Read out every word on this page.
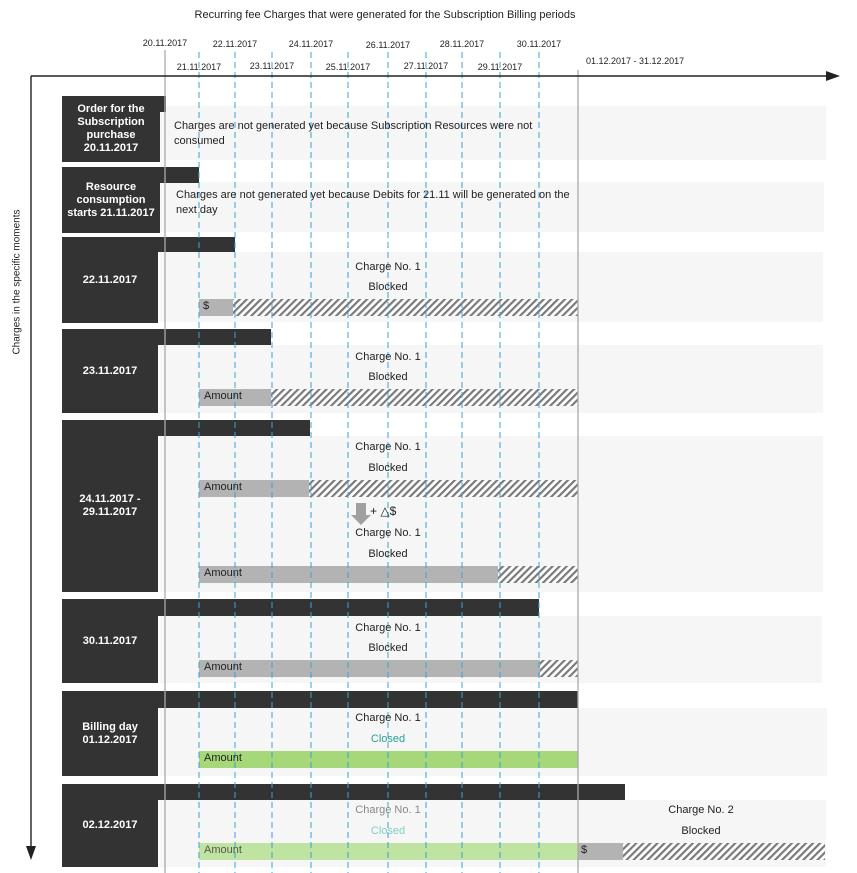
Recurring fee Charges that were generated for the Subscription Billing periods
20.11.2017	22.11.2017	24.11.2017	26.11.2017	28.11.2017	30.11.2017
21.11.2017	23.11.2017	25.11.2017	27.11.2017	29.11.2017
01.12.2017 - 31.12.2017
Charges in the specific moments
Order for the Subscription purchase 20.11.2017
Charges are not generated yet because Subscription Resources were not consumed
Resource consumption starts 21.11.2017
Charges are not generated yet because Debits for 21.11 will be generated on the next day
22.11.2017
Charge No. 1
Blocked
$
23.11.2017
Charge No. 1
Blocked
Amount
24.11.2017 - 29.11.2017
Charge No. 1
Blocked
Amount
+ △$
Charge No. 1
Blocked
Amount
30.11.2017
Charge No. 1
Blocked
Amount
Billing day 01.12.2017
Charge No. 1
Closed
Amount
02.12.2017
Charge No. 1
Closed
Amount
Charge No. 2
Blocked
$
